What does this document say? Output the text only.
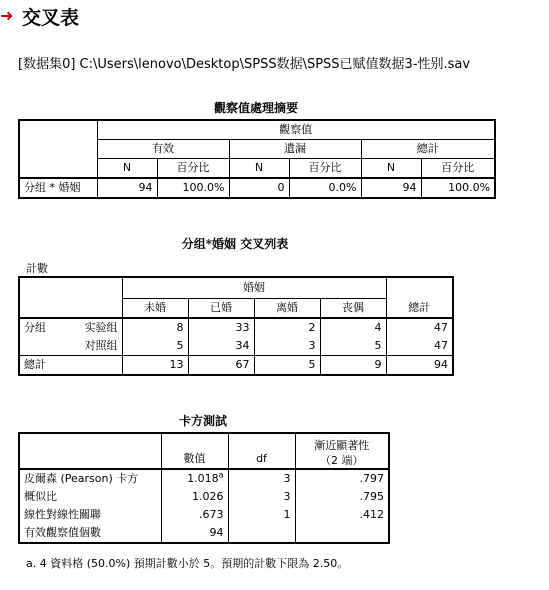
➜ 交叉表
[数据集0] C:\Users\lenovo\Desktop\SPSS数据\SPSS已赋值数据3-性别.sav
觀察值處理摘要
	觀察值					
	有效		遺漏		總計	
	N	百分比	N	百分比	N	百分比
分组 * 婚姻	94	100.0%	0	0.0%	94	100.0%
分组*婚姻 交叉列表
計數
		婚姻				總計
		未婚	已婚	离婚	丧偶	
分组	实验组	8	33	2	4	47
	对照组	5	34	3	5	47
總計		13	67	5	9	94
卡方測試
	數值	df	漸近顯著性
（2 端）

皮爾森 (Pearson) 卡方	1.018$^a$	3	.797
概似比	1.026	3	.795
線性對線性關聯	.673	1	.412
有效觀察值個數	94		
a. 4 資料格 (50.0%) 預期計數小於 5。預期的計數下限為 2.50。
